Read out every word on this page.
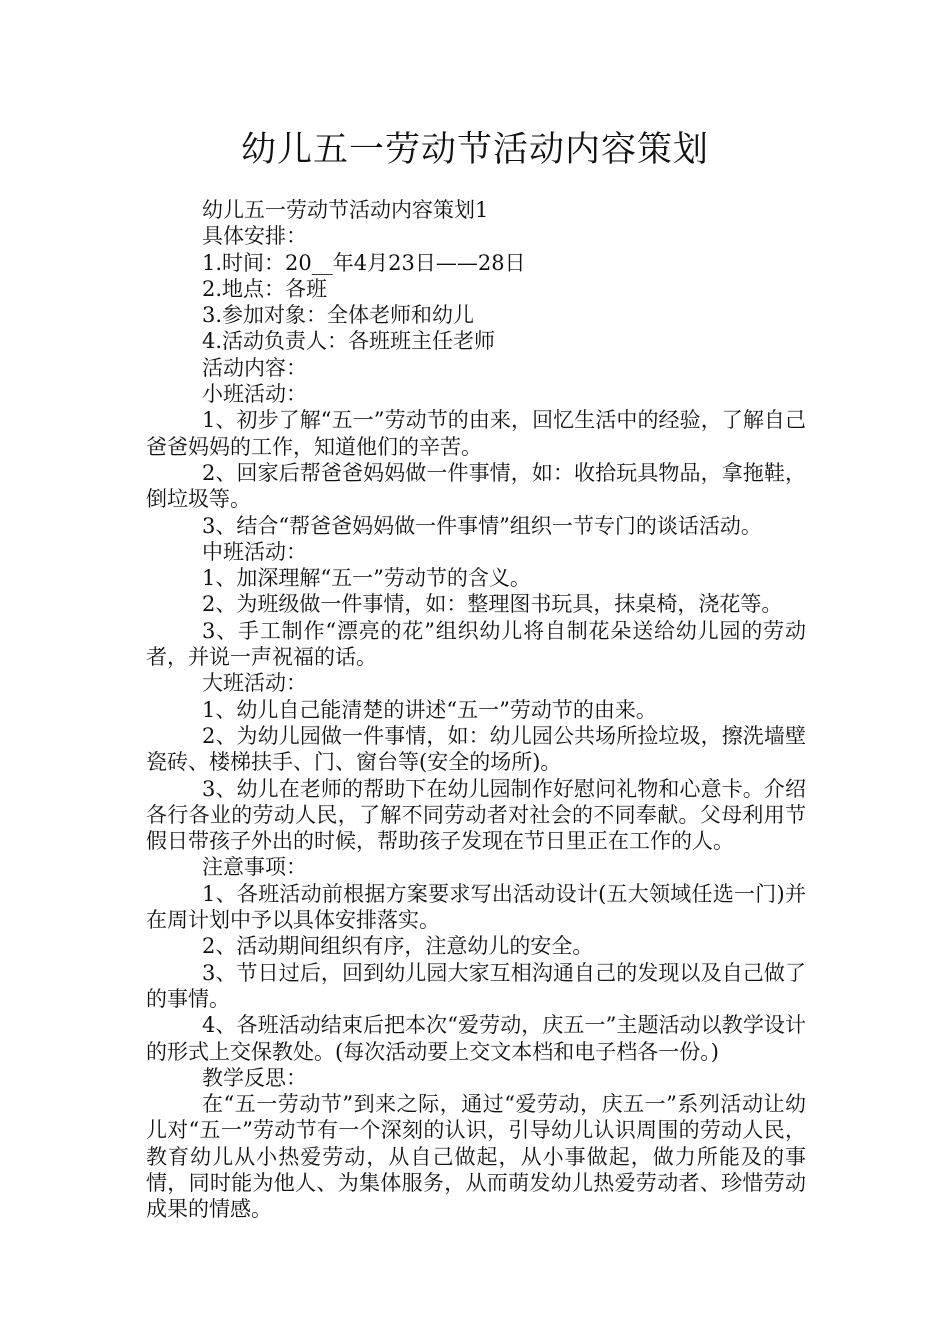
幼儿五一劳动节活动内容策划

幼儿五一劳动节活动内容策划1

具体安排：

1.时间：20__年4月23日——28日

2.地点：各班

3.参加对象：全体老师和幼儿

4.活动负责人：各班班主任老师

活动内容：

小班活动：

1、初步了解“五一”劳动节的由来，回忆生活中的经验，了解自己爸爸妈妈的工作，知道他们的辛苦。

2、回家后帮爸爸妈妈做一件事情，如：收拾玩具物品，拿拖鞋，倒垃圾等。

3、结合“帮爸爸妈妈做一件事情”组织一节专门的谈话活动。

中班活动：

1、加深理解“五一”劳动节的含义。

2、为班级做一件事情，如：整理图书玩具，抹桌椅，浇花等。

3、手工制作“漂亮的花”组织幼儿将自制花朵送给幼儿园的劳动者，并说一声祝福的话。

大班活动：

1、幼儿自己能清楚的讲述“五一”劳动节的由来。

2、为幼儿园做一件事情，如：幼儿园公共场所捡垃圾，擦洗墙壁瓷砖、楼梯扶手、门、窗台等(安全的场所)。

3、幼儿在老师的帮助下在幼儿园制作好慰问礼物和心意卡。介绍各行各业的劳动人民，了解不同劳动者对社会的不同奉献。父母利用节假日带孩子外出的时候，帮助孩子发现在节日里正在工作的人。

注意事项：

1、各班活动前根据方案要求写出活动设计(五大领域任选一门)并在周计划中予以具体安排落实。

2、活动期间组织有序，注意幼儿的安全。

3、节日过后，回到幼儿园大家互相沟通自己的发现以及自己做了的事情。

4、各班活动结束后把本次“爱劳动，庆五一”主题活动以教学设计的形式上交保教处。(每次活动要上交文本档和电子档各一份。)

教学反思：

在“五一劳动节”到来之际，通过“爱劳动，庆五一”系列活动让幼儿对“五一”劳动节有一个深刻的认识，引导幼儿认识周围的劳动人民，教育幼儿从小热爱劳动，从自己做起，从小事做起，做力所能及的事情，同时能为他人、为集体服务，从而萌发幼儿热爱劳动者、珍惜劳动成果的情感。
